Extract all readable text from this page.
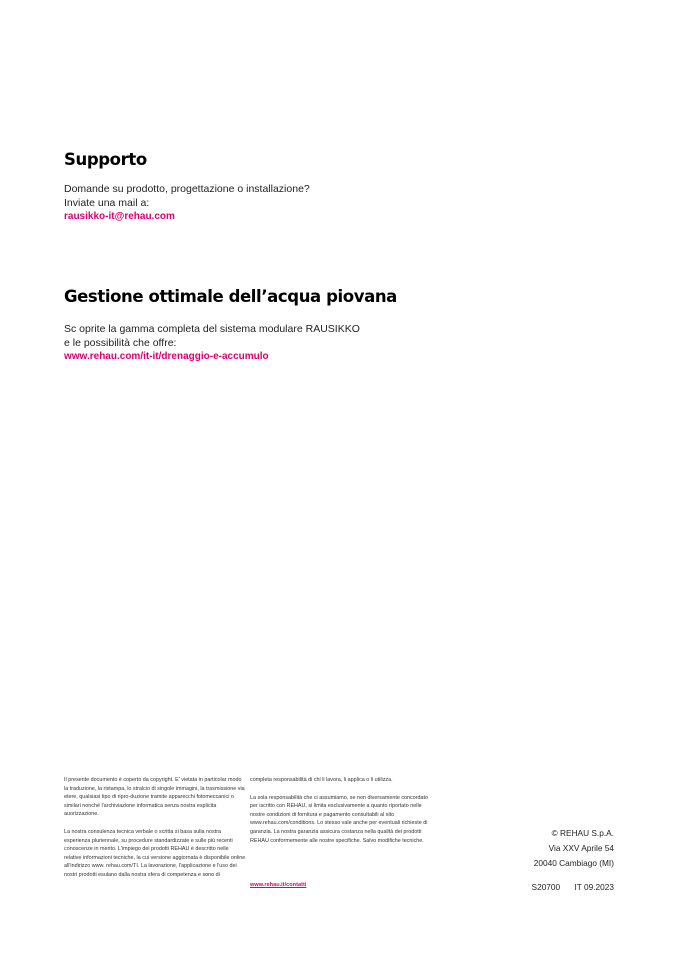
Supporto
Domande su prodotto, progettazione o installazione?
Inviate una mail a:
rausikko-it@rehau.com
Gestione ottimale dell’acqua piovana
Sc oprite la gamma completa del sistema modulare RAUSIKKO
e le possibilità che offre:
www.rehau.com/it-it/drenaggio-e-accumulo

Il presente documento è coperto da copyright. E' vietata in particolar modo la traduzione, la ristampa, lo stralcio di singole immagini, la trasmissione via etere, qualsiasi tipo di ripro-duzione tramite apparecchi fotomeccanici o similari nonché l'archiviazione informatica senza nostra esplicita auorizzazione.

La nostra consulenza tecnica verbale o scritta si basa sulla nostra esperienza pluriennale, su procedure standardizzate e sulle più recenti conoscenze in merito. L'impiego dei prodotti REHAU è descritto nelle relative informazioni tecniche, la cui versione aggiornata è disponibile online all'indirizzo www. rehau.com/TI. La lavorazione, l'applicazione e l'uso dei nostri prodotti esulano dalla nostra sfera di competenza e sono di

completa responsabilità di chi li lavora, li applica o li utilizza.

La sola responsabilità che ci assumiamo, se non diversamente concordato per iscritto con REHAU, si limita esclusivamente a quanto riportato nelle nostre condizioni di fornitura e pagamento consultabili al sito www.rehau.com/conditions. Lo stesso vale anche per eventuali richieste di garanzia. La nostra garanzia assicura costanza nella qualità dei prodotti REHAU conformemente alle nostre specifiche. Salvo modifiche tecniche.

www.rehau.it/contatti
© REHAU S.p.A.
Via XXV Aprile 54
20040 Cambiago (MI)
S20700 IT 09.2023
